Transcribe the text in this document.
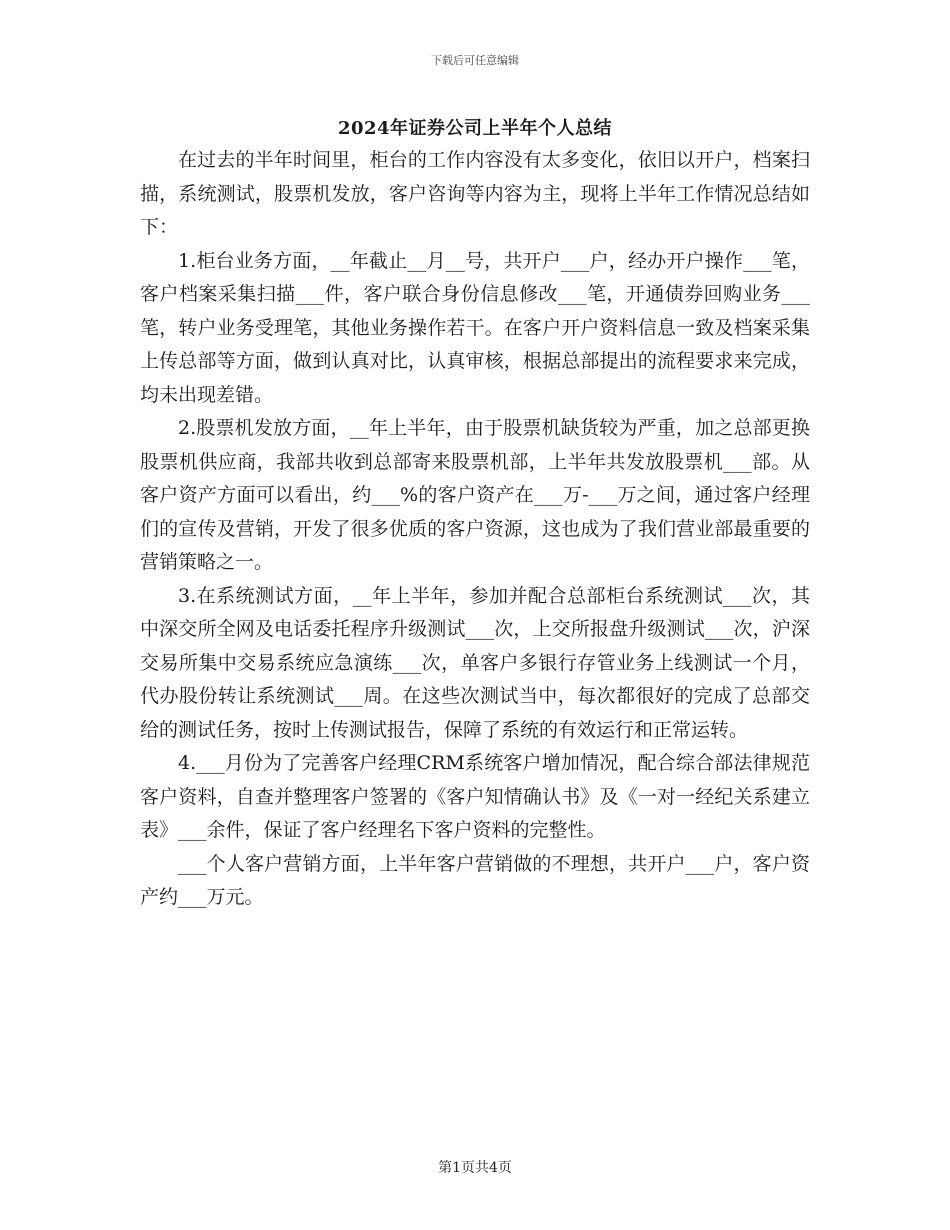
下载后可任意编辑
2024年证券公司上半年个人总结

在过去的半年时间里，柜台的工作内容没有太多变化，依旧以开户，档案扫描，系统测试，股票机发放，客户咨询等内容为主，现将上半年工作情况总结如下：

1.柜台业务方面，__年截止__月__号，共开户___户，经办开户操作___笔，客户档案采集扫描___件，客户联合身份信息修改___笔，开通债券回购业务___笔，转户业务受理笔，其他业务操作若干。在客户开户资料信息一致及档案采集上传总部等方面，做到认真对比，认真审核，根据总部提出的流程要求来完成，均未出现差错。

2.股票机发放方面，__年上半年，由于股票机缺货较为严重，加之总部更换股票机供应商，我部共收到总部寄来股票机部，上半年共发放股票机___部。从客户资产方面可以看出，约___%的客户资产在___万-___万之间，通过客户经理们的宣传及营销，开发了很多优质的客户资源，这也成为了我们营业部最重要的营销策略之一。

3.在系统测试方面，__年上半年，参加并配合总部柜台系统测试___次，其中深交所全网及电话委托程序升级测试___次，上交所报盘升级测试___次，沪深交易所集中交易系统应急演练___次，单客户多银行存管业务上线测试一个月，代办股份转让系统测试___周。在这些次测试当中，每次都很好的完成了总部交给的测试任务，按时上传测试报告，保障了系统的有效运行和正常运转。

4.___月份为了完善客户经理CRM系统客户增加情况，配合综合部法律规范客户资料，自查并整理客户签署的《客户知情确认书》及《一对一经纪关系建立表》___余件，保证了客户经理名下客户资料的完整性。

___个人客户营销方面，上半年客户营销做的不理想，共开户___户，客户资产约___万元。

第1页共4页
